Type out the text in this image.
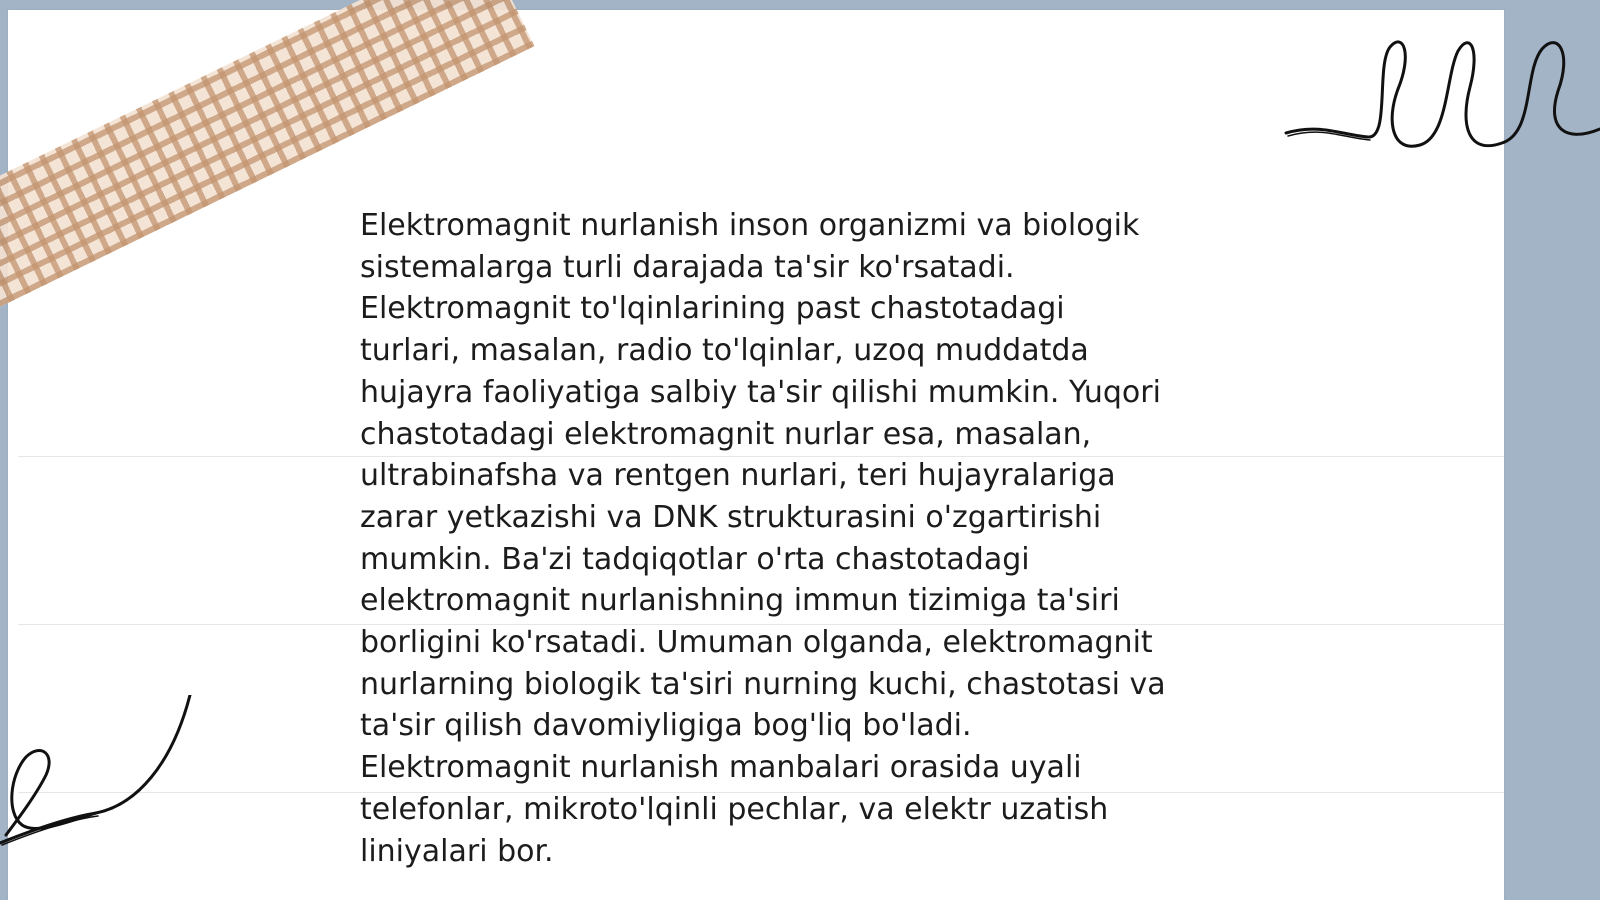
Elektromagnit nurlanish inson organizmi va biologik
sistemalarga turli darajada ta'sir ko'rsatadi.
Elektromagnit to'lqinlarining past chastotadagi
turlari, masalan, radio to'lqinlar, uzoq muddatda
hujayra faoliyatiga salbiy ta'sir qilishi mumkin. Yuqori
chastotadagi elektromagnit nurlar esa, masalan,
ultrabinafsha va rentgen nurlari, teri hujayralariga
zarar yetkazishi va DNK strukturasini o'zgartirishi
mumkin. Ba'zi tadqiqotlar o'rta chastotadagi
elektromagnit nurlanishning immun tizimiga ta'siri
borligini ko'rsatadi. Umuman olganda, elektromagnit
nurlarning biologik ta'siri nurning kuchi, chastotasi va
ta'sir qilish davomiyligiga bog'liq bo'ladi.
Elektromagnit nurlanish manbalari orasida uyali
telefonlar, mikroto'lqinli pechlar, va elektr uzatish
liniyalari bor.
